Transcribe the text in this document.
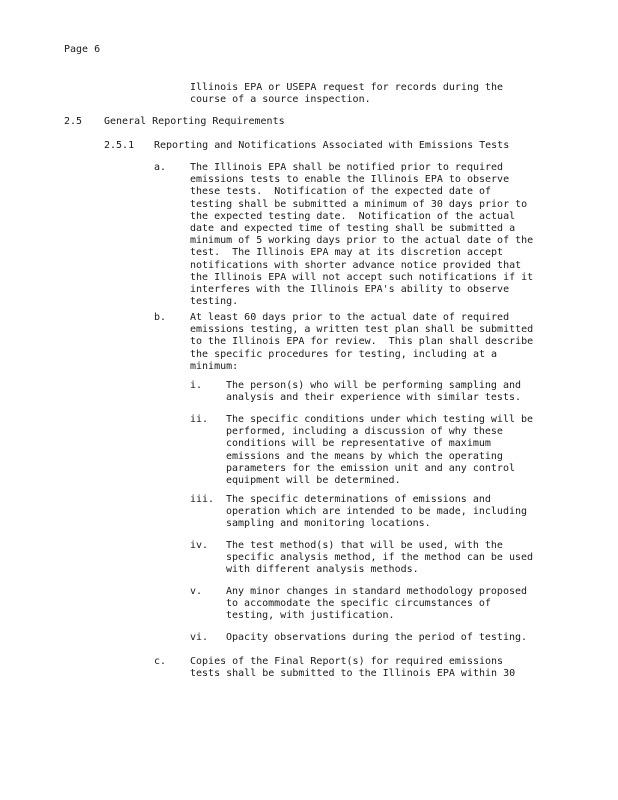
Page 6

Illinois EPA or USEPA request for records during the

course of a source inspection.

2.5 General Reporting Requirements
2.5.1 Reporting and Notifications Associated with Emissions Tests
a. The Illinois EPA shall be notified prior to required

emissions tests to enable the Illinois EPA to observe

these tests.  Notification of the expected date of

testing shall be submitted a minimum of 30 days prior to

the expected testing date.  Notification of the actual

date and expected time of testing shall be submitted a

minimum of 5 working days prior to the actual date of the

test.  The Illinois EPA may at its discretion accept

notifications with shorter advance notice provided that

the Illinois EPA will not accept such notifications if it

interferes with the Illinois EPA's ability to observe

testing.

b. At least 60 days prior to the actual date of required

emissions testing, a written test plan shall be submitted

to the Illinois EPA for review.  This plan shall describe

the specific procedures for testing, including at a

minimum:

i. The person(s) who will be performing sampling and

analysis and their experience with similar tests.

ii. The specific conditions under which testing will be

performed, including a discussion of why these

conditions will be representative of maximum

emissions and the means by which the operating

parameters for the emission unit and any control

equipment will be determined.

iii. The specific determinations of emissions and

operation which are intended to be made, including

sampling and monitoring locations.

iv. The test method(s) that will be used, with the

specific analysis method, if the method can be used

with different analysis methods.

v. Any minor changes in standard methodology proposed

to accommodate the specific circumstances of

testing, with justification.

vi. Opacity observations during the period of testing.

c. Copies of the Final Report(s) for required emissions

tests shall be submitted to the Illinois EPA within 30
